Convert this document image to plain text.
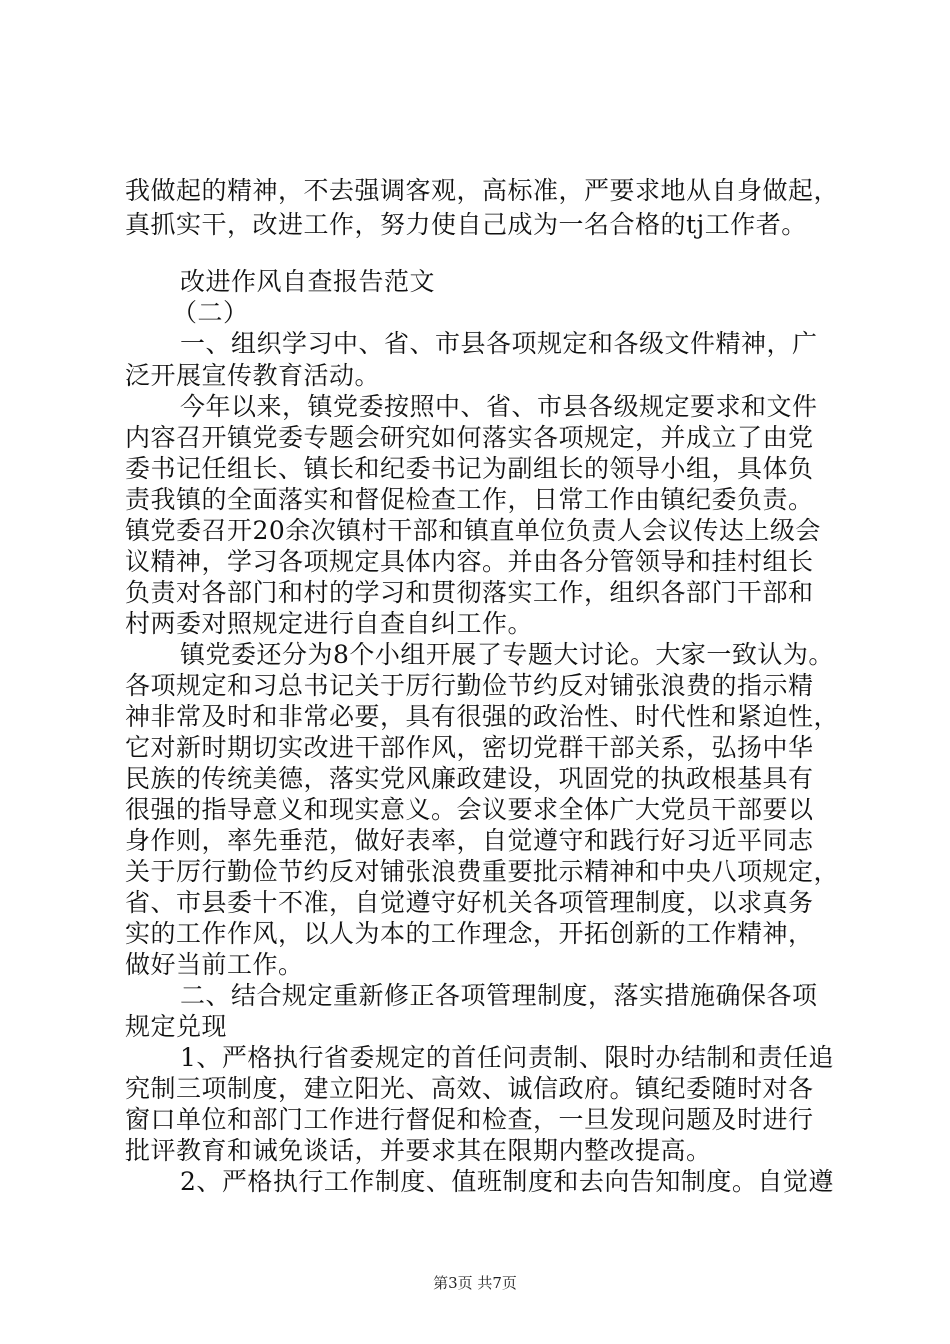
我做起的精神，不去强调客观，高标准，严要求地从自身做起，
真抓实干，改进工作，努力使自己成为一名合格的tj工作者。
改进作风自查报告范文
（二）
一、组织学习中、省、市县各项规定和各级文件精神，广
泛开展宣传教育活动。
今年以来，镇党委按照中、省、市县各级规定要求和文件
内容召开镇党委专题会研究如何落实各项规定，并成立了由党
委书记任组长、镇长和纪委书记为副组长的领导小组，具体负
责我镇的全面落实和督促检查工作，日常工作由镇纪委负责。
镇党委召开20余次镇村干部和镇直单位负责人会议传达上级会
议精神，学习各项规定具体内容。并由各分管领导和挂村组长
负责对各部门和村的学习和贯彻落实工作，组织各部门干部和
村两委对照规定进行自查自纠工作。
镇党委还分为8个小组开展了专题大讨论。大家一致认为。
各项规定和习总书记关于厉行勤俭节约反对铺张浪费的指示精
神非常及时和非常必要，具有很强的政治性、时代性和紧迫性，
它对新时期切实改进干部作风，密切党群干部关系，弘扬中华
民族的传统美德，落实党风廉政建设，巩固党的执政根基具有
很强的指导意义和现实意义。会议要求全体广大党员干部要以
身作则，率先垂范，做好表率，自觉遵守和践行好习近平同志
关于厉行勤俭节约反对铺张浪费重要批示精神和中央八项规定，
省、市县委十不准，自觉遵守好机关各项管理制度，以求真务
实的工作作风，以人为本的工作理念，开拓创新的工作精神，
做好当前工作。
二、结合规定重新修正各项管理制度，落实措施确保各项
规定兑现
1、严格执行省委规定的首任问责制、限时办结制和责任追
究制三项制度，建立阳光、高效、诚信政府。镇纪委随时对各
窗口单位和部门工作进行督促和检查，一旦发现问题及时进行
批评教育和诫免谈话，并要求其在限期内整改提高。
2、严格执行工作制度、值班制度和去向告知制度。自觉遵
第3页 共7页
